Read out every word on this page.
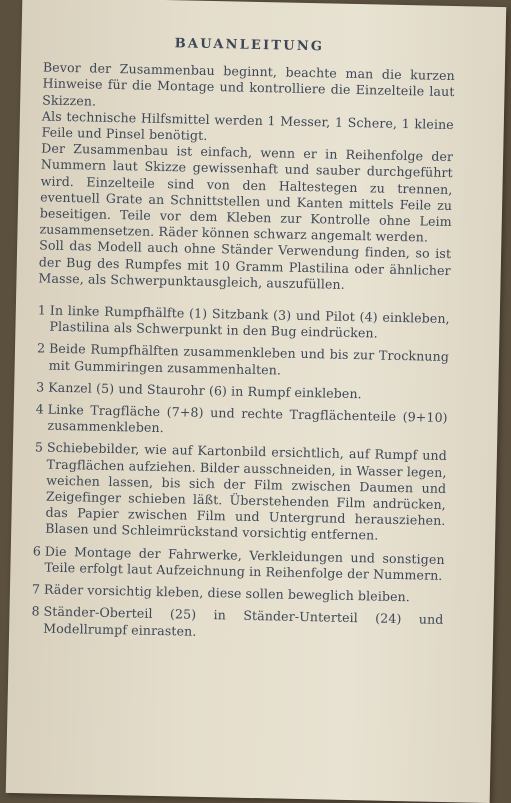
BAUANLEITUNG

Bevor der Zusammenbau beginnt, beachte man die kurzen Hinweise für die Montage und kontrolliere die Einzelteile laut Skizzen.

Als technische Hilfsmittel werden 1 Messer, 1 Schere, 1 kleine Feile und Pinsel benötigt.

Der Zusammenbau ist einfach, wenn er in Reihenfolge der Nummern laut Skizze gewissenhaft und sauber durchgeführt wird. Einzelteile sind von den Haltestegen zu trennen, eventuell Grate an Schnittstellen und Kanten mittels Feile zu beseitigen. Teile vor dem Kleben zur Kontrolle ohne Leim zusammensetzen. Räder können schwarz angemalt werden.

Soll das Modell auch ohne Ständer Verwendung finden, so ist der Bug des Rumpfes mit 10 Gramm Plastilina oder ähnlicher Masse, als Schwerpunktausgleich, auszufüllen.

1 In linke Rumpfhälfte (1) Sitzbank (3) und Pilot (4) einkleben, Plastilina als Schwerpunkt in den Bug eindrücken.
2 Beide Rumpfhälften zusammenkleben und bis zur Trocknung mit Gummiringen zusammenhalten.
3 Kanzel (5) und Staurohr (6) in Rumpf einkleben.
4 Linke Tragfläche (7+8) und rechte Tragflächenteile (9+10) zusammenkleben.
5 Schiebebilder, wie auf Kartonbild ersichtlich, auf Rumpf und Tragflächen aufziehen. Bilder ausschneiden, in Wasser legen, weichen lassen, bis sich der Film zwischen Daumen und Zeigefinger schieben läßt. Überstehenden Film andrücken, das Papier zwischen Film und Untergrund herausziehen. Blasen und Schleimrückstand vorsichtig entfernen.
6 Die Montage der Fahrwerke, Verkleidungen und sonstigen Teile erfolgt laut Aufzeichnung in Reihenfolge der Nummern.
7 Räder vorsichtig kleben, diese sollen beweglich bleiben.
8 Ständer-Oberteil (25) in Ständer-Unterteil (24) und Modellrumpf einrasten.
